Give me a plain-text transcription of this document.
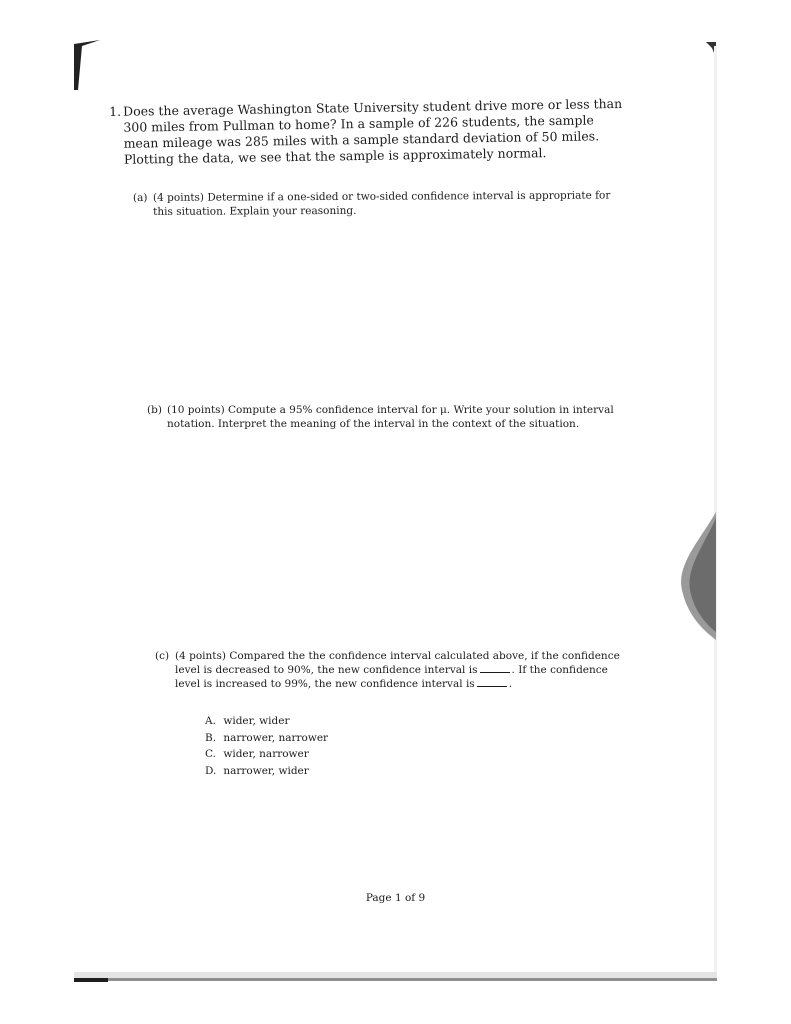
1. Does the average Washington State University student drive more or less than 300 miles from Pullman to home? In a sample of 226 students, the sample mean mileage was 285 miles with a sample standard deviation of 50 miles. Plotting the data, we see that the sample is approximately normal.
(a) (4 points) Determine if a one-sided or two-sided confidence interval is appropriate for this situation. Explain your reasoning.
(b) (10 points) Compute a 95% confidence interval for μ. Write your solution in interval notation. Interpret the meaning of the interval in the context of the situation.
(c) (4 points) Compared the the confidence interval calculated above, if the confidence level is decreased to 90%, the new confidence interval is	. If the confidence level is increased to 99%, the new confidence interval is	.
A. wider, wider
B. narrower, narrower
C. wider, narrower
D. narrower, wider
Page 1 of 9
